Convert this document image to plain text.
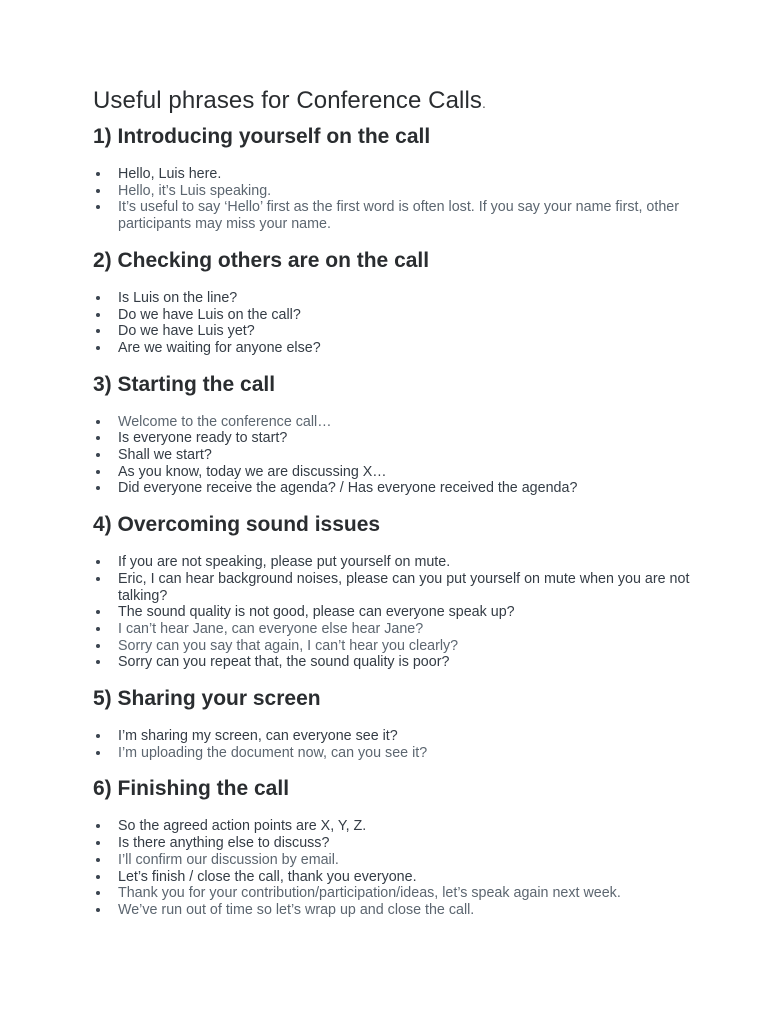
Useful phrases for Conference Calls.
1) Introducing yourself on the call
Hello, Luis here.
Hello, it’s Luis speaking.
It’s useful to say ‘Hello’ first as the first word is often lost. If you say your name first, other participants may miss your name.
2) Checking others are on the call
Is Luis on the line?
Do we have Luis on the call?
Do we have Luis yet?
Are we waiting for anyone else?
3) Starting the call
Welcome to the conference call…
Is everyone ready to start?
Shall we start?
As you know, today we are discussing X…
Did everyone receive the agenda? / Has everyone received the agenda?
4) Overcoming sound issues
If you are not speaking, please put yourself on mute.
Eric, I can hear background noises, please can you put yourself on mute when you are not talking?
The sound quality is not good, please can everyone speak up?
I can’t hear Jane, can everyone else hear Jane?
Sorry can you say that again, I can’t hear you clearly?
Sorry can you repeat that, the sound quality is poor?
5) Sharing your screen
I’m sharing my screen, can everyone see it?
I’m uploading the document now, can you see it?
6) Finishing the call
So the agreed action points are X, Y, Z.
Is there anything else to discuss?
I’ll confirm our discussion by email.
Let’s finish / close the call, thank you everyone.
Thank you for your contribution/participation/ideas, let’s speak again next week.
We’ve run out of time so let’s wrap up and close the call.
